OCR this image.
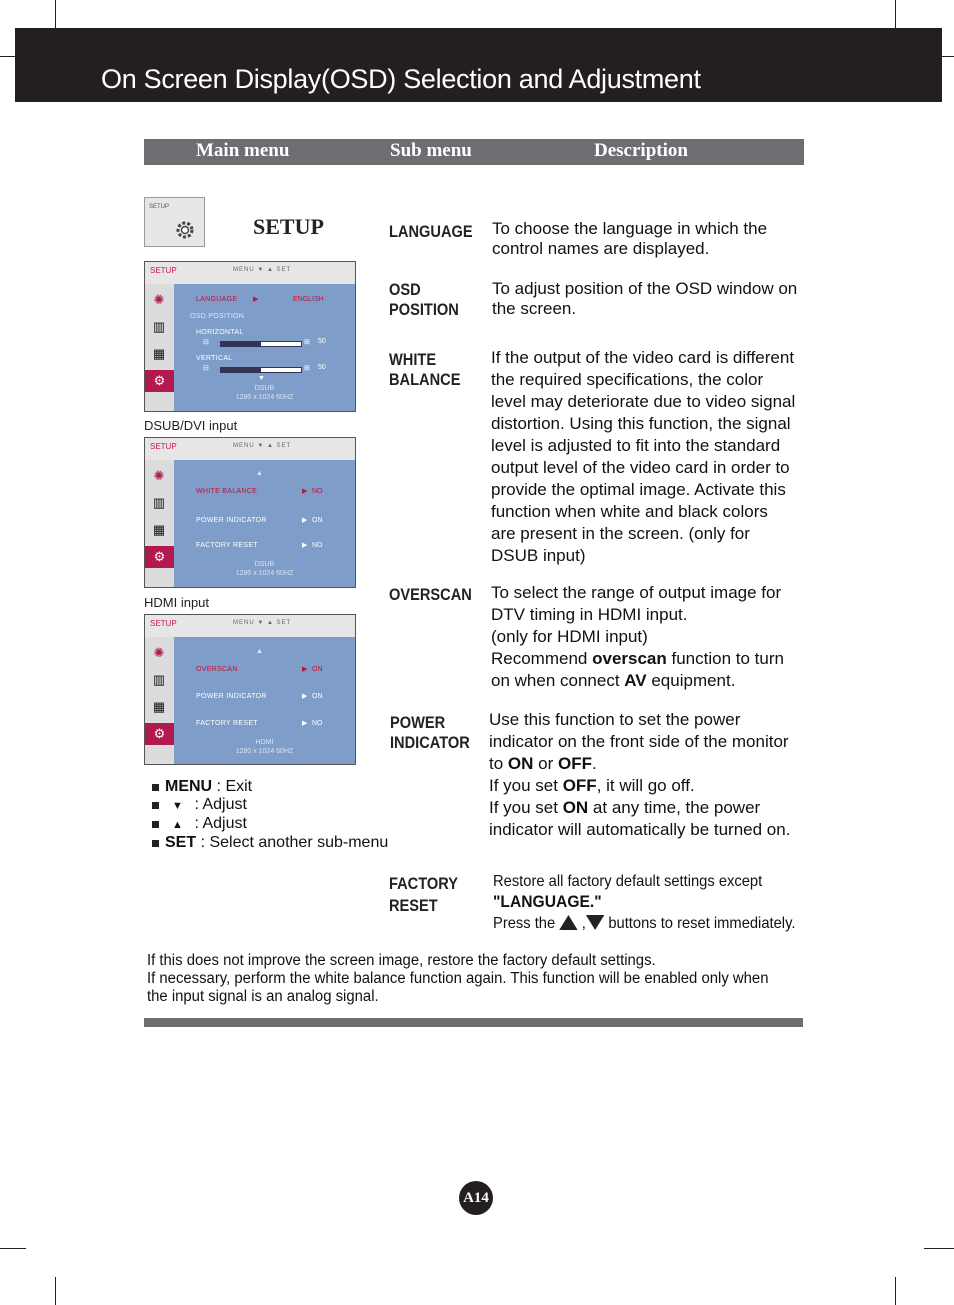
On Screen Display(OSD) Selection and Adjustment
Main menu	Sub menu	Description
SETUP
SETUP
SETUP	MENU ▼ ▲ SET
✺
▥
▦
⚙
LANGUAGE ▶	ENGLISH
OSD POSITION
HORIZONTAL
⊟	⊞ 50
VERTICAL
⊟	⊞ 50
▼
DSUB
1280 x 1024 60HZ
DSUB/DVI input
SETUP	MENU ▼ ▲ SET
✺
▥
▦
⚙
▲
WHITE BALANCE	▶ NO
POWER INDICATOR	▶ ON
FACTORY RESET	▶ NO
DSUB
1280 x 1024 60HZ
HDMI input
SETUP	MENU ▼ ▲ SET
✺
▥
▦
⚙
▲
OVERSCAN	▶ ON
POWER INDICATOR	▶ ON
FACTORY RESET	▶ NO
HDMI
1280 x 1024 60HZ
MENU : Exit
▼ : Adjust
▲ : Adjust
SET : Select another sub-menu
LANGUAGE To choose the language in which the control names are displayed.
OSD
POSITION
To adjust position of the OSD window on the screen.
WHITE
BALANCE
If the output of the video card is different the required specifications, the color level may deteriorate due to video signal distortion. Using this function, the signal level is adjusted to fit into the standard output level of the video card in order to provide the optimal image. Activate this function when white and black colors are present in the screen. (only for DSUB input)
OVERSCAN To select the range of output image for DTV timing in HDMI input.
(only for HDMI input)
Recommend overscan function to turn on when connect AV equipment.
POWER
INDICATOR
Use this function to set the power indicator on the front side of the monitor to ON or OFF.
If you set OFF, it will go off.
If you set ON at any time, the power indicator will automatically be turned on.
FACTORY
RESET
Restore all factory default settings except
"LANGUAGE."
Press the  , buttons to reset immediately.
If this does not improve the screen image, restore the factory default settings.
If necessary, perform the white balance function again. This function will be enabled only when the input signal is an analog signal.
A14
